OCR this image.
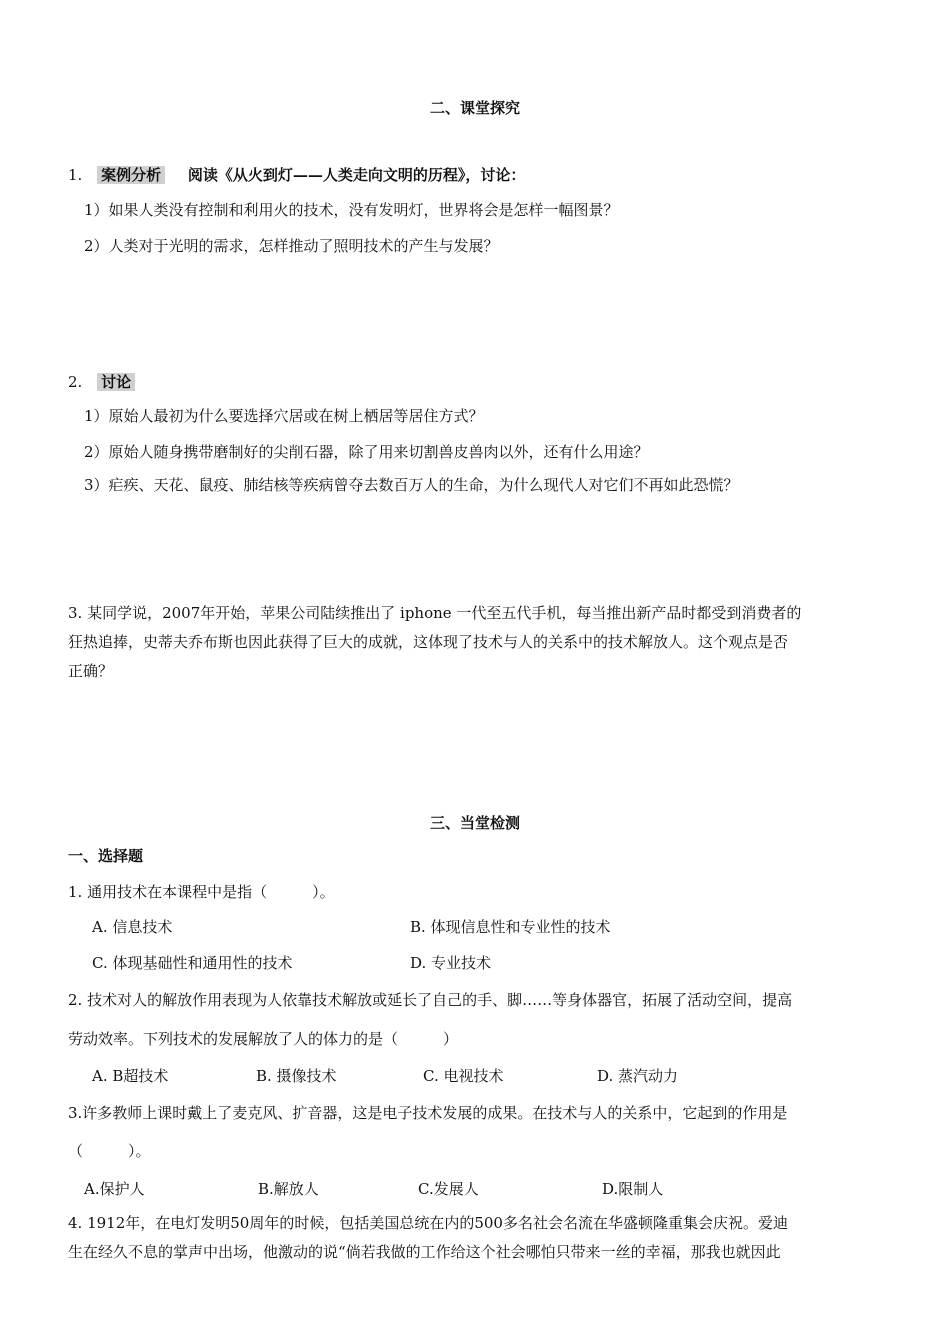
二、课堂探究
1. 案例分析 阅读《从火到灯——人类走向文明的历程》，讨论：
1）如果人类没有控制和利用火的技术，没有发明灯，世界将会是怎样一幅图景？
2）人类对于光明的需求，怎样推动了照明技术的产生与发展？
2. 讨论
1）原始人最初为什么要选择穴居或在树上栖居等居住方式？
2）原始人随身携带磨制好的尖削石器，除了用来切割兽皮兽肉以外，还有什么用途？
3）疟疾、天花、鼠疫、肺结核等疾病曾夺去数百万人的生命，为什么现代人对它们不再如此恐慌？
3. 某同学说，2007年开始，苹果公司陆续推出了 iphone 一代至五代手机，每当推出新产品时都受到消费者的
狂热追捧，史蒂夫乔布斯也因此获得了巨大的成就，这体现了技术与人的关系中的技术解放人。这个观点是否
正确？
三、当堂检测
一、选择题
1. 通用技术在本课程中是指（　　　）。
A. 信息技术	B. 体现信息性和专业性的技术
C. 体现基础性和通用性的技术	D. 专业技术
2. 技术对人的解放作用表现为人依靠技术解放或延长了自己的手、脚……等身体器官，拓展了活动空间，提高
劳动效率。下列技术的发展解放了人的体力的是（　　　）
A. B超技术	B. 摄像技术	C. 电视技术	D. 蒸汽动力
3.许多教师上课时戴上了麦克风、扩音器，这是电子技术发展的成果。在技术与人的关系中，它起到的作用是
（　　　）。
A.保护人	B.解放人	C.发展人	D.限制人
4. 1912年，在电灯发明50周年的时候，包括美国总统在内的500多名社会名流在华盛顿隆重集会庆祝。爱迪
生在经久不息的掌声中出场，他激动的说“倘若我做的工作给这个社会哪怕只带来一丝的幸福，那我也就因此
